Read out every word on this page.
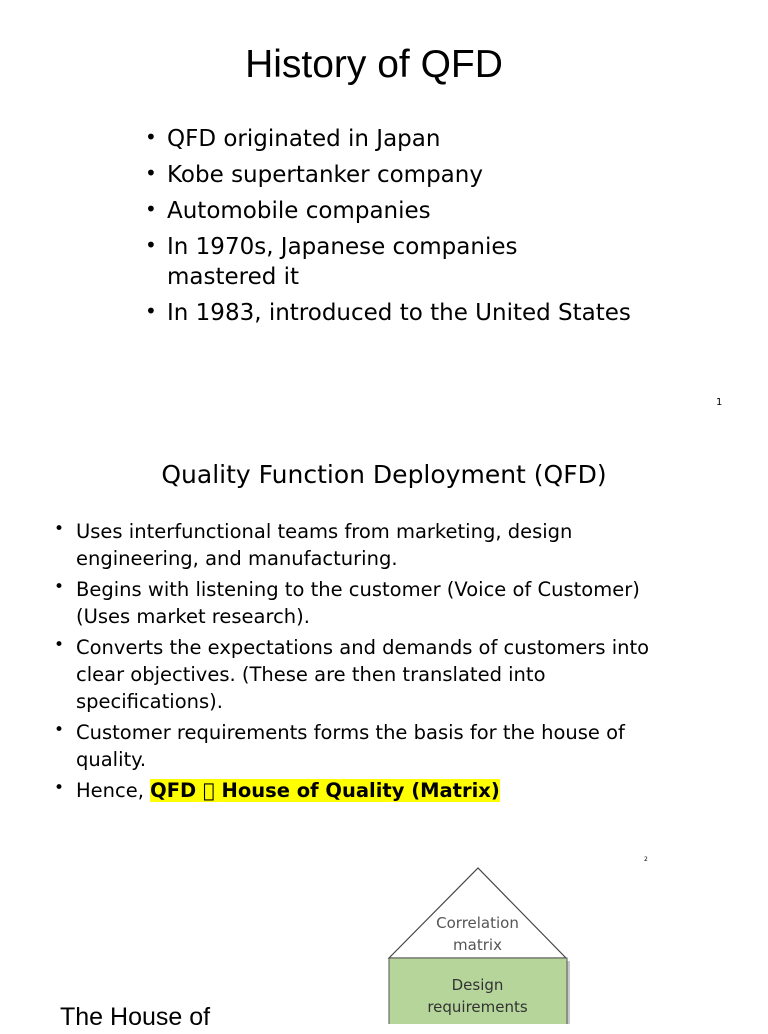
History of QFD
• QFD originated in Japan
• Kobe supertanker company
• Automobile companies
• In 1970s, Japanese companies mastered it
• In 1983, introduced to the United States
1
Quality Function Deployment (QFD)
• Uses interfunctional teams from marketing, design engineering, and manufacturing.
• Begins with listening to the customer (Voice of Customer) (Uses market research).
• Converts the expectations and demands of customers into clear objectives. (These are then translated into specifications).
• Customer requirements forms the basis for the house of quality.
• Hence, QFD House of Quality (Matrix)
2
The House of
Correlation
matrix
Design
requirements
